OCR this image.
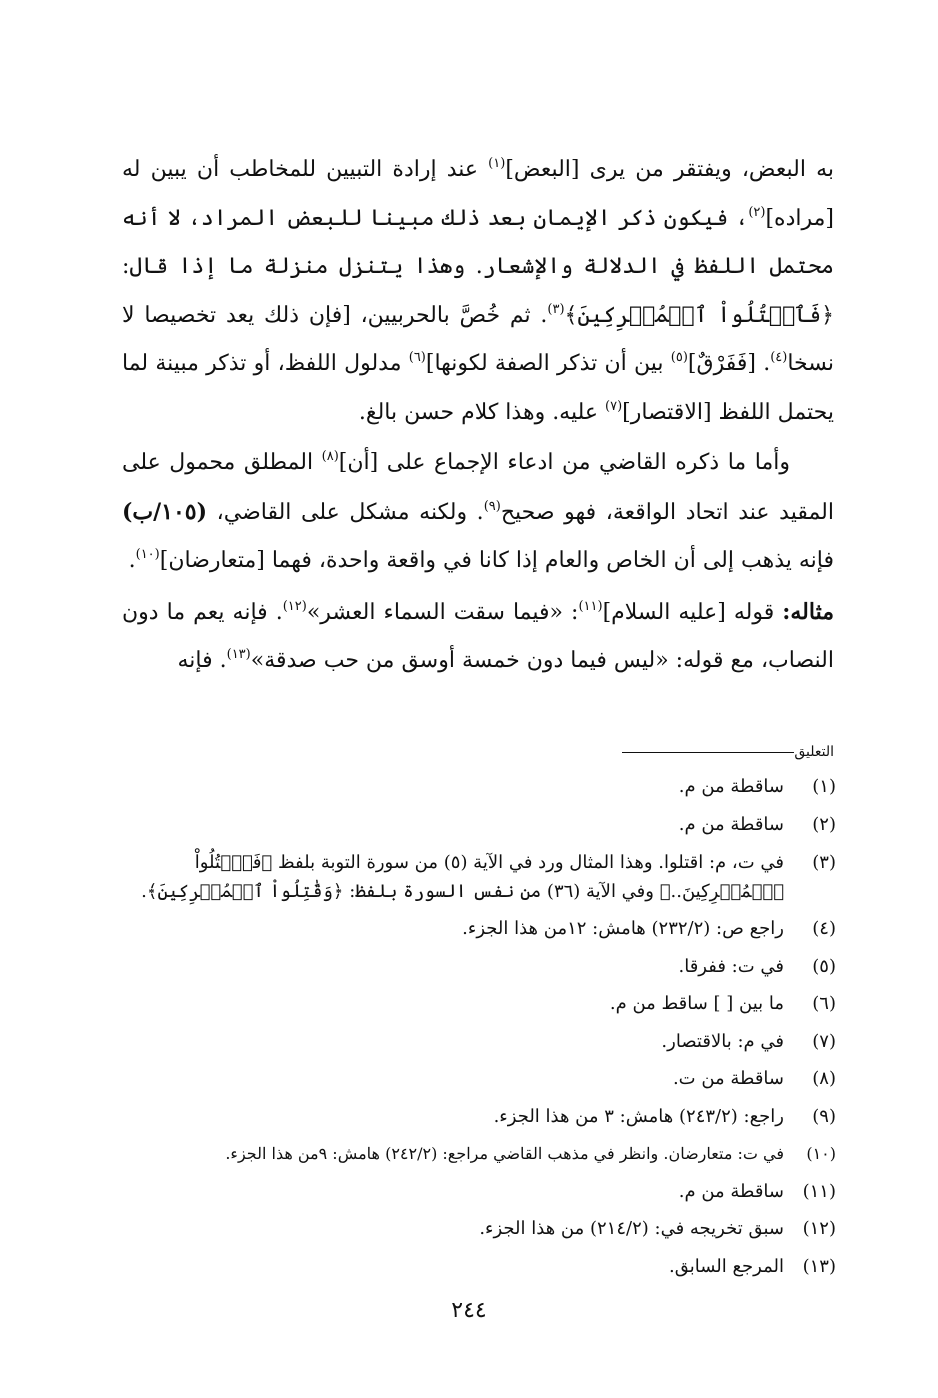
به البعض، ويفتقر من يرى [البعض]$^{(١)}$ عند إرادة التبيين للمخاطب أن يبين له [مراده]$^{(٢)}$، فيكون ذكر الإيمان بعد ذلك مبينا للبعض المراد، لا أنه محتمل اللفظ في الدلالة والإشعار. وهذا يتنزل منزلة ما إذا قال: ﴿فَٱقۡتُلُواْ ٱلۡمُشۡرِكِينَ﴾$^{(٣)}$. ثم خُصَّ بالحربيين، [فإن ذلك يعد تخصيصا لا نسخا$^{(٤)}$. [فَفَرْقٌ]$^{(٥)}$ بين أن تذكر الصفة لكونها]$^{(٦)}$ مدلول اللفظ، أو تذكر مبينة لما يحتمل اللفظ [الاقتصار]$^{(٧)}$ عليه. وهذا كلام حسن بالغ.

وأما ما ذكره القاضي من ادعاء الإجماع على [أن]$^{(٨)}$ المطلق محمول على المقيد عند اتحاد الواقعة، فهو صحيح$^{(٩)}$. ولكنه مشكل على القاضي، (١٠٥/ب) فإنه يذهب إلى أن الخاص والعام إذا كانا في واقعة واحدة، فهما [متعارضان]$^{(١٠)}$.

مثاله: قوله [عليه السلام]$^{(١١)}$: «فيما سقت السماء العشر»$^{(١٢)}$. فإنه يعم ما دون النصاب، مع قوله: «ليس فيما دون خمسة أوسق من حب صدقة»$^{(١٣)}$. فإنه

التعليق
(١)
ساقطة من م.
(٢)
ساقطة من م.
(٣)
في ت، م: اقتلوا. وهذا المثال ورد في الآية (٥) من سورة التوبة بلفظ ﴿فَٱقۡتُلُواْ ٱلۡمُشۡرِكِينَ..﴾ وفي الآية (٣٦) من نفس السورة بلفظ: ﴿وَقَٰتِلُواْ ٱلۡمُشۡرِكِينَ﴾.
(٤)
راجع ص: (٢٣٢/٢) هامش: ١٢من هذا الجزء.
(٥)
في ت: ففرقا.
(٦)
ما بين [ ] ساقط من م.
(٧)
في م: بالاقتصار.
(٨)
ساقطة من ت.
(٩)
راجع: (٢٤٣/٢) هامش: ٣ من هذا الجزء.
(١٠)
في ت: متعارضان. وانظر في مذهب القاضي مراجع: (٢٤٢/٢) هامش: ٩من هذا الجزء.
(١١)
ساقطة من م.
(١٢)
سبق تخريجه في: (٢١٤/٢) من هذا الجزء.
(١٣)
المرجع السابق.
٢٤٤
